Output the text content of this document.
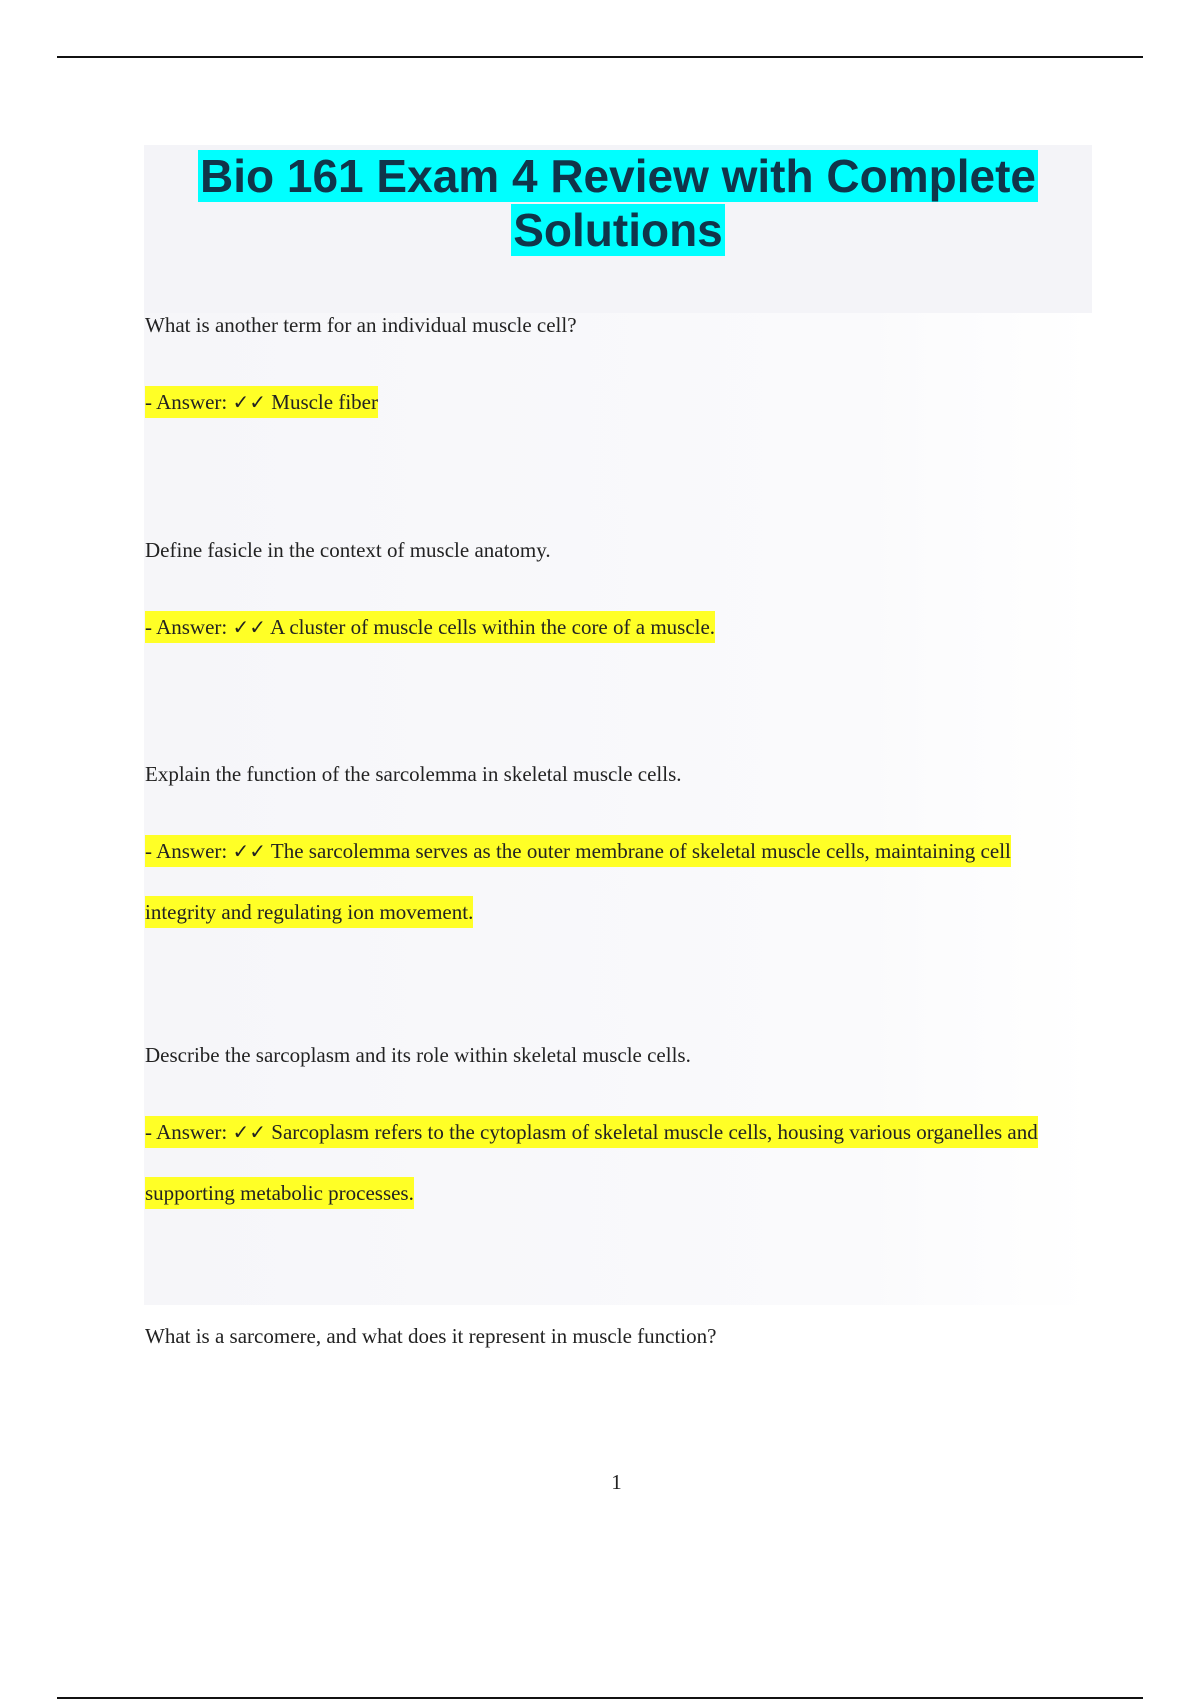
Bio 161 Exam 4 Review with Complete Solutions

What is another term for an individual muscle cell?

- Answer: ✓✓ Muscle fiber

Define fasicle in the context of muscle anatomy.

- Answer: ✓✓ A cluster of muscle cells within the core of a muscle.

Explain the function of the sarcolemma in skeletal muscle cells.

- Answer: ✓✓ The sarcolemma serves as the outer membrane of skeletal muscle cells, maintaining cell integrity and regulating ion movement.

Describe the sarcoplasm and its role within skeletal muscle cells.

- Answer: ✓✓ Sarcoplasm refers to the cytoplasm of skeletal muscle cells, housing various organelles and supporting metabolic processes.

What is a sarcomere, and what does it represent in muscle function?

1
